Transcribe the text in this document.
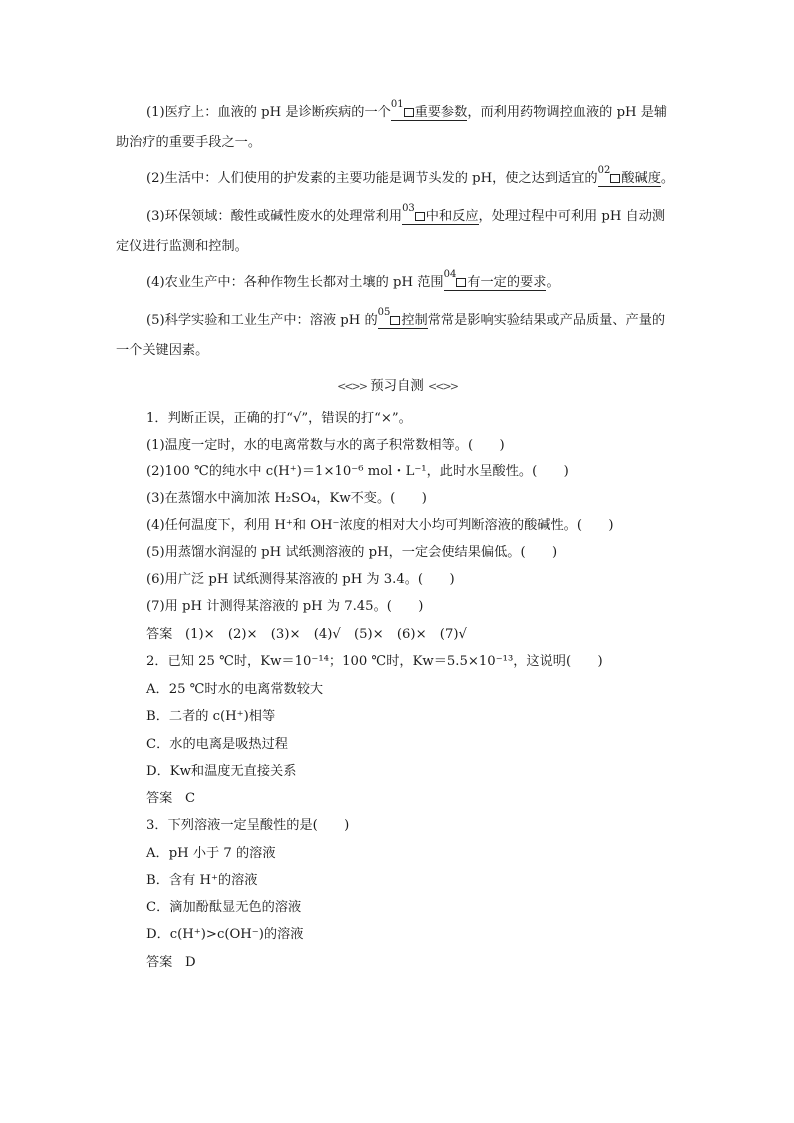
(1)医疗上：血液的 pH 是诊断疾病的一个$^{01}$重要参数，而利用药物调控血液的 pH 是辅
助治疗的重要手段之一。
(2)生活中：人们使用的护发素的主要功能是调节头发的 pH，使之达到适宜的$^{02}$酸碱度。
(3)环保领域：酸性或碱性废水的处理常利用$^{03}$中和反应，处理过程中可利用 pH 自动测
定仪进行监测和控制。
(4)农业生产中：各种作物生长都对土壤的 pH 范围$^{04}$有一定的要求。
(5)科学实验和工业生产中：溶液 pH 的$^{05}$控制常常是影响实验结果或产品质量、产量的
一个关键因素。
<<>> 预习自测 <<>>
1．判断正误，正确的打“√”，错误的打“×”。
(1)温度一定时，水的电离常数与水的离子积常数相等。(　　)
(2)100 ℃的纯水中 c(H⁺)＝1×10⁻⁶ mol・L⁻¹，此时水呈酸性。(　　)
(3)在蒸馏水中滴加浓 H₂SO₄，Kw不变。(　　)
(4)任何温度下，利用 H⁺和 OH⁻浓度的相对大小均可判断溶液的酸碱性。(　　)
(5)用蒸馏水润湿的 pH 试纸测溶液的 pH，一定会使结果偏低。(　　)
(6)用广泛 pH 试纸测得某溶液的 pH 为 3.4。(　　)
(7)用 pH 计测得某溶液的 pH 为 7.45。(　　)
答案 (1)×　(2)×　(3)×　(4)√　(5)×　(6)×　(7)√
2．已知 25 ℃时，Kw＝10⁻¹⁴；100 ℃时，Kw＝5.5×10⁻¹³，这说明(　　)
A．25 ℃时水的电离常数较大
B．二者的 c(H⁺)相等
C．水的电离是吸热过程
D．Kw和温度无直接关系
答案 C
3．下列溶液一定呈酸性的是(　　)
A．pH 小于 7 的溶液
B．含有 H⁺的溶液
C．滴加酚酞显无色的溶液
D．c(H⁺)>c(OH⁻)的溶液
答案 D
